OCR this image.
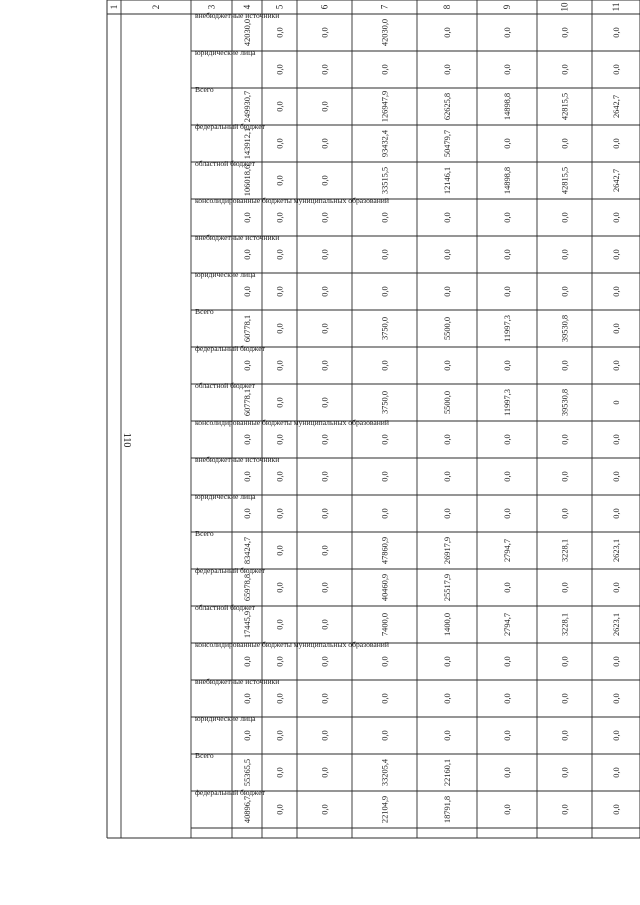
110
1	2	3	4	5	6	7	8	9	10	11
внебюджетные источники
42030,0	0,0	0,0	42030,0	0,0	0,0	0,0	0,0
юридические лица
0,0	0,0	0,0	0,0	0,0	0,0	0,0
Всего
249930,7	0,0	0,0	126947,9	62625,8	14898,8	42815,5	2642,7
федеральный бюджет
143912,1	0,0	0,0	93432,4	50479,7	0,0	0,0	0,0
областной бюджет
106018,6	0,0	0,0	33515,5	12146,1	14898,8	42815,5	2642,7
консолидированные бюджеты муниципальных образований
0,0	0,0	0,0	0,0	0,0	0,0	0,0	0,0
внебюджетные источники
0,0	0,0	0,0	0,0	0,0	0,0	0,0	0,0
юридические лица
0,0	0,0	0,0	0,0	0,0	0,0	0,0	0,0
Всего
60778,1	0,0	0,0	3750,0	5500,0	11997,3	39530,8	0,0
федеральный бюджет
0,0	0,0	0,0	0,0	0,0	0,0	0,0	0,0
областной бюджет
60778,1	0,0	0,0	3750,0	5500,0	11997,3	39530,8	0
консолидированные бюджеты муниципальных образований
0,0	0,0	0,0	0,0	0,0	0,0	0,0	0,0
внебюджетные источники
0,0	0,0	0,0	0,0	0,0	0,0	0,0	0,0
юридические лица
0,0	0,0	0,0	0,0	0,0	0,0	0,0	0,0
Всего
83424,7	0,0	0,0	47860,9	26917,9	2794,7	3228,1	2623,1
федеральный бюджет
65978,8	0,0	0,0	40460,9	25517,9	0,0	0,0	0,0
областной бюджет
17445,9	0,0	0,0	7400,0	1400,0	2794,7	3228,1	2623,1
консолидированные бюджеты муниципальных образований
0,0	0,0	0,0	0,0	0,0	0,0	0,0	0,0
внебюджетные источники
0,0	0,0	0,0	0,0	0,0	0,0	0,0	0,0
юридические лица
0,0	0,0	0,0	0,0	0,0	0,0	0,0	0,0
Всего
55365,5	0,0	0,0	33205,4	22160,1	0,0	0,0	0,0
федеральный бюджет
40896,7	0,0	0,0	22104,9	18791,8	0,0	0,0	0,0
